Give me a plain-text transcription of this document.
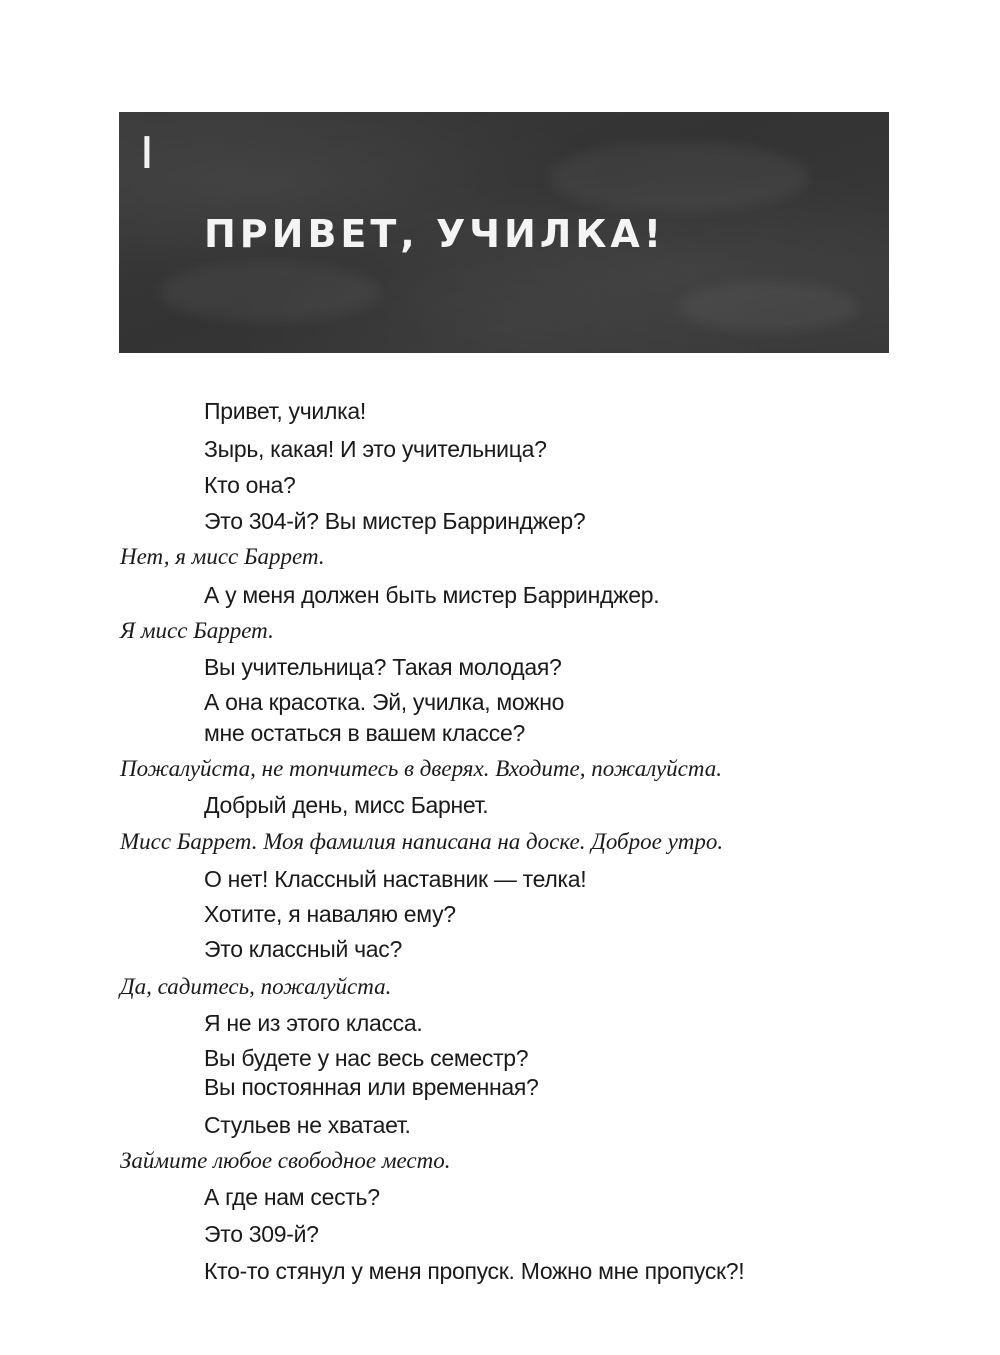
I
ПРИВЕТ, УЧИЛКА!
Привет, училка!
Зырь, какая! И это учительница?
Кто она?
Это 304-й? Вы мистер Барринджер?
Нет, я мисс Баррет.
А у меня должен быть мистер Барринджер.
Я мисс Баррет.
Вы учительница? Такая молодая?
А она красотка. Эй, училка, можно
мне остаться в вашем классе?
Пожалуйста, не топчитесь в дверях. Входите, пожалуйста.
Добрый день, мисс Барнет.
Мисс Баррет. Моя фамилия написана на доске. Доброе утро.
О нет! Классный наставник — телка!
Хотите, я наваляю ему?
Это классный час?
Да, садитесь, пожалуйста.
Я не из этого класса.
Вы будете у нас весь семестр?
Вы постоянная или временная?
Стульев не хватает.
Займите любое свободное место.
А где нам сесть?
Это 309-й?
Кто-то стянул у меня пропуск. Можно мне пропуск?!
